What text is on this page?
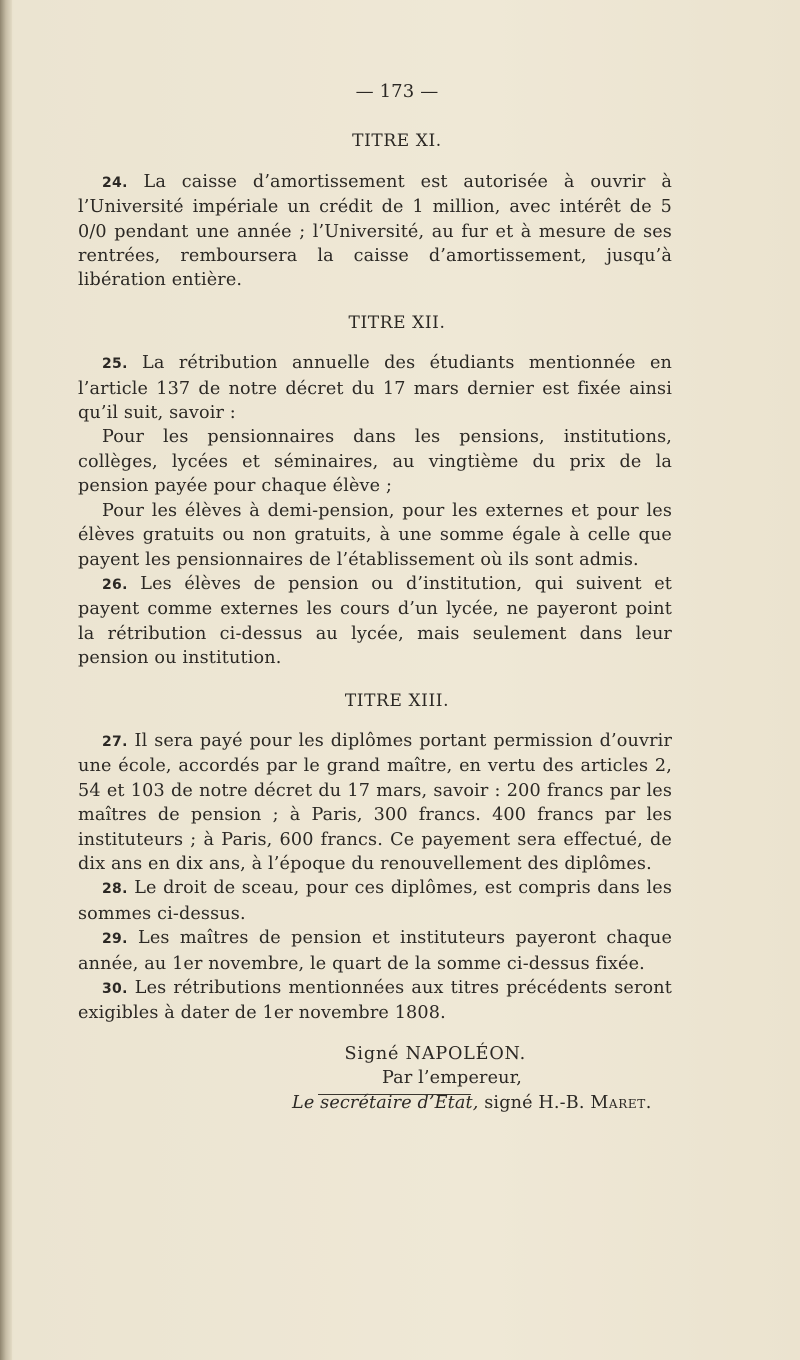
— 173 —
TITRE XI.

24. La caisse d’amortissement est autorisée à ouvrir à l’Université impériale un crédit de 1 million, avec intérêt de 5 0/0 pendant une année ; l’Université, au fur et à mesure de ses rentrées, remboursera la caisse d’amortissement, jusqu’à libération entière.

TITRE XII.

25. La rétribution annuelle des étudiants mentionnée en l’article 137 de notre décret du 17 mars dernier est fixée ainsi qu’il suit, savoir :

Pour les pensionnaires dans les pensions, institutions, collèges, lycées et séminaires, au vingtième du prix de la pension payée pour chaque élève ;

Pour les élèves à demi-pension, pour les externes et pour les élèves gratuits ou non gratuits, à une somme égale à celle que payent les pensionnaires de l’établissement où ils sont admis.

26. Les élèves de pension ou d’institution, qui suivent et payent comme externes les cours d’un lycée, ne payeront point la rétribution ci-dessus au lycée, mais seulement dans leur pension ou institution.

TITRE XIII.

27. Il sera payé pour les diplômes portant permission d’ouvrir une école, accordés par le grand maître, en vertu des articles 2, 54 et 103 de notre décret du 17 mars, savoir : 200 francs par les maîtres de pension ; à Paris, 300 francs. 400 francs par les instituteurs ; à Paris, 600 francs. Ce payement sera effectué, de dix ans en dix ans, à l’époque du renouvellement des diplômes.

28. Le droit de sceau, pour ces diplômes, est compris dans les sommes ci-dessus.

29. Les maîtres de pension et instituteurs payeront chaque année, au 1er novembre, le quart de la somme ci-dessus fixée.

30. Les rétributions mentionnées aux titres précédents seront exigibles à dater de 1er novembre 1808.

Signé NAPOLÉON.
Par l’empereur,
Le secrétaire d’Etat, signé H.-B. Maret.
